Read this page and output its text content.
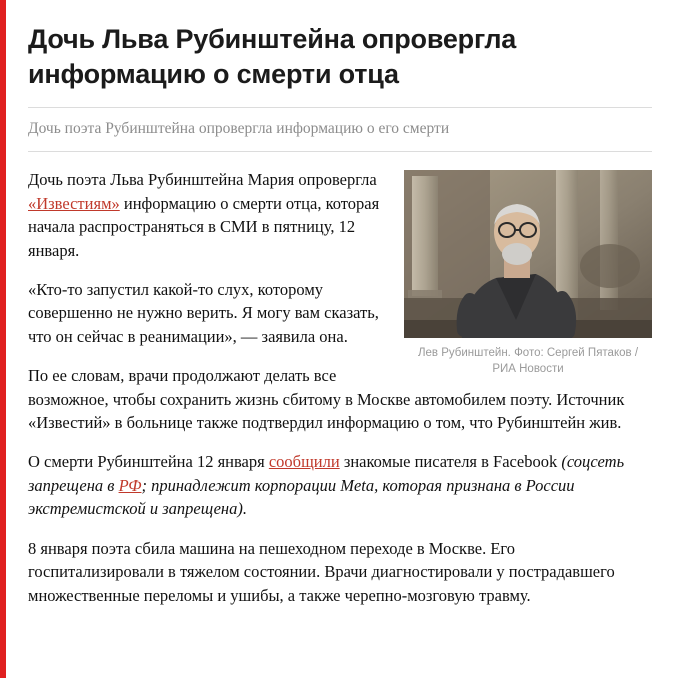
Дочь Льва Рубинштейна опровергла информацию о смерти отца

Дочь поэта Рубинштейна опровергла информацию о его смерти

Лев Рубинштейн. Фото: Сергей Пятаков / РИА Новости

Дочь поэта Льва Рубинштейна Мария опровергла «Известиям» информацию о смерти отца, которая начала распространяться в СМИ в пятницу, 12 января.

«Кто-то запустил какой-то слух, которому совершенно не нужно верить. Я могу вам сказать, что он сейчас в реанимации», — заявила она.

По ее словам, врачи продолжают делать все возможное, чтобы сохранить жизнь сбитому в Москве автомобилем поэту. Источник «Известий» в больнице также подтвердил информацию о том, что Рубинштейн жив.

О смерти Рубинштейна 12 января сообщили знакомые писателя в Facebook (соцсеть запрещена в РФ; принадлежит корпорации Meta, которая признана в России экстремистской и запрещена).

8 января поэта сбила машина на пешеходном переходе в Москве. Его госпитализировали в тяжелом состоянии. Врачи диагностировали у пострадавшего множественные переломы и ушибы, а также черепно-мозговую травму.
